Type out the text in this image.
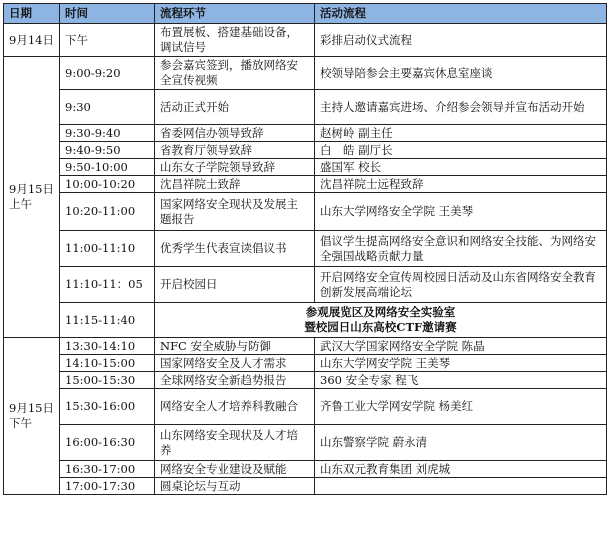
日期	时间	流程环节	活动流程
9月14日	下午	布置展板、搭建基础设备，调试信号	彩排启动仪式流程

9月15日
上午	9:00-9:20	参会嘉宾签到，播放网络安全宣传视频	校领导陪参会主要嘉宾休息室座谈
	9:30	活动正式开始	主持人邀请嘉宾进场、介绍参会领导并宣布活动开始
	9:30-9:40	省委网信办领导致辞	赵树岭 副主任
	9:40-9:50	省教育厅领导致辞	白　皓 副厅长
	9:50-10:00	山东女子学院领导致辞	盛国军 校长
	10:00-10:20	沈昌祥院士致辞	沈昌祥院士远程致辞
	10:20-11:00	国家网络安全现状及发展主题报告	山东大学网络安全学院 王美琴
	11:00-11:10	优秀学生代表宣读倡议书	倡议学生提高网络安全意识和网络安全技能、为网络安全强国战略贡献力量
	11:10-11：05	开启校园日	开启网络安全宣传周校园日活动及山东省网络安全教育创新发展高端论坛
	11:15-11:40	参观展览区及网络安全实验室
暨校园日山东高校CTF邀请赛	

9月15日
下午	13:30-14:10	NFC 安全威胁与防御	武汉大学国家网络安全学院 陈晶
	14:10-15:00	国家网络安全及人才需求	山东大学网安学院 王美琴
	15:00-15:30	全球网络安全新趋势报告	360 安全专家 程飞
	15:30-16:00	网络安全人才培养科教融合	齐鲁工业大学网安学院 杨美红
	16:00-16:30	山东网络安全现状及人才培养	山东警察学院 蔚永清
	16:30-17:00	网络安全专业建设及赋能	山东双元教育集团 刘虎城
	17:00-17:30	圆桌论坛与互动	
